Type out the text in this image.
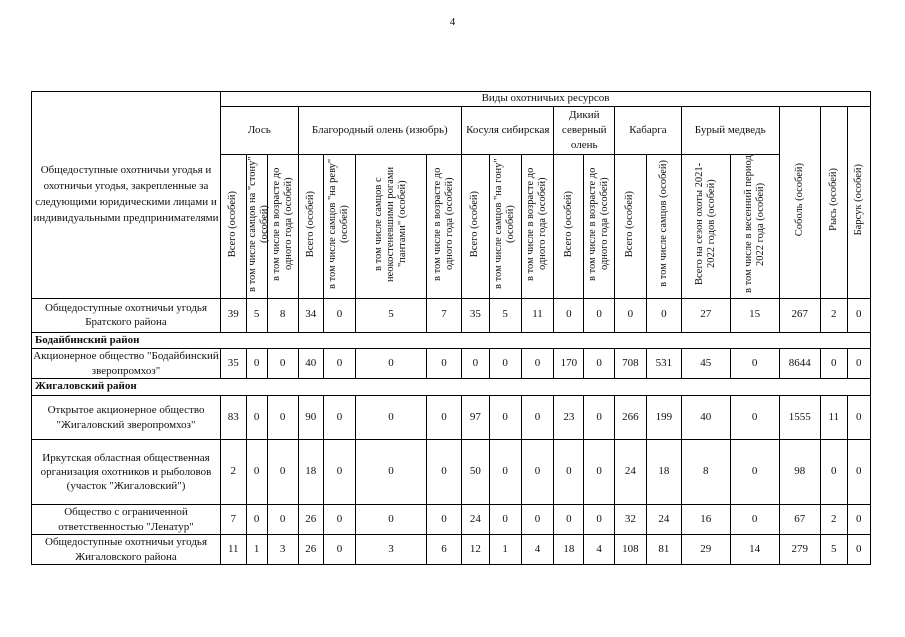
4
Общедоступные охотничьи угодья и охотничьи угодья, закрепленные за следующими юридическими лицами и индивидуальными предпринимателями	Виды охотничьих ресурсов																		
	Лось			Благородный олень (изюбрь)				Косуля сибирская			Дикий северный олень		Кабарга		Бурый медведь		Соболь (особей)	Рысь (особей)	Барсук (особей)
	Всего (особей)	в том числе самцов на "стону" (особей)	в том числе в возрасте до одного года (особей)	Всего (особей)	в том числе самцов "на реву" (особей)	в том числе самцов с неокостеневшими рогами "пантами" (особей)	в том числе в возрасте до одного года (особей)	Всего (особей)	в том числе самцов "на гону" (особей)	в том числе в возрасте до одного года (особей)	Всего (особей)	в том числе в возрасте до одного года (особей)	Всего (особей)	в том числе самцов (особей)	Всего на сезон охоты 2021-2022 годов (особей)	в том числе в весенний период 2022 года (особей)			
Общедоступные охотничьи угодья Братского района	39	5	8	34	0	5	7	35	5	11	0	0	0	0	27	15	267	2	0
Бодайбинский район																			
Акционерное общество "Бодайбинский зверопромхоз"	35	0	0	40	0	0	0	0	0	0	170	0	708	531	45	0	8644	0	0
Жигаловский район																			
Открытое акционерное общество "Жигаловский зверопромхоз"	83	0	0	90	0	0	0	97	0	0	23	0	266	199	40	0	1555	11	0
Иркутская областная общественная организация охотников и рыболовов (участок "Жигаловский")	2	0	0	18	0	0	0	50	0	0	0	0	24	18	8	0	98	0	0
Общество с ограниченной ответственностью "Ленатур"	7	0	0	26	0	0	0	24	0	0	0	0	32	24	16	0	67	2	0
Общедоступные охотничьи угодья Жигаловского района	11	1	3	26	0	3	6	12	1	4	18	4	108	81	29	14	279	5	0
